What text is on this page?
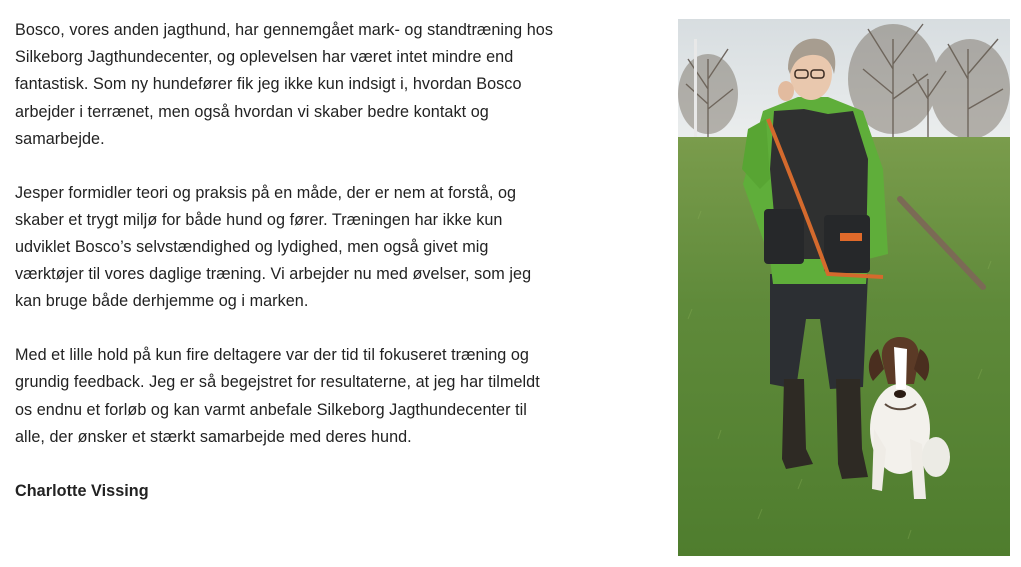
Bosco, vores anden jagthund, har gennemgået mark- og standtræning hos Silkeborg Jagthundecenter, og oplevelsen har været intet mindre end fantastisk. Som ny hundefører fik jeg ikke kun indsigt i, hvordan Bosco arbejder i terrænet, men også hvordan vi skaber bedre kontakt og samarbejde.

Jesper formidler teori og praksis på en måde, der er nem at forstå, og skaber et trygt miljø for både hund og fører. Træningen har ikke kun udviklet Bosco’s selvstændighed og lydighed, men også givet mig værktøjer til vores daglige træning. Vi arbejder nu med øvelser, som jeg kan bruge både derhjemme og i marken.

Med et lille hold på kun fire deltagere var der tid til fokuseret træning og grundig feedback. Jeg er så begejstret for resultaterne, at jeg har tilmeldt os endnu et forløb og kan varmt anbefale Silkeborg Jagthundecenter til alle, der ønsker et stærkt samarbejde med deres hund.

Charlotte Vissing
